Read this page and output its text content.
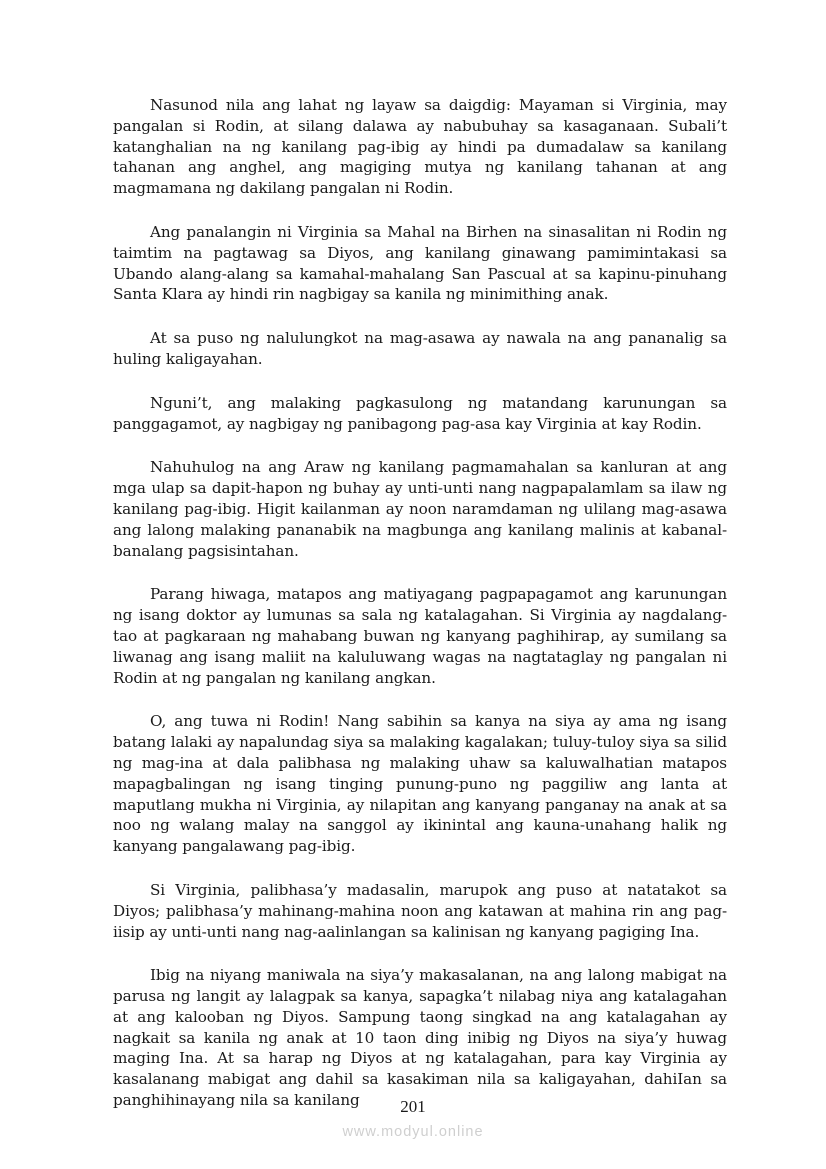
Nasunod nila ang lahat ng layaw sa daigdig: Mayaman si Virginia, may pangalan si Rodin, at silang dalawa ay nabubuhay sa kasaganaan. Subali’t katanghalian na ng kanilang pag-ibig ay hindi pa dumadalaw sa kanilang tahanan ang anghel, ang magiging mutya ng kanilang tahanan at ang magmamana ng dakilang pangalan ni Rodin.

Ang panalangin ni Virginia sa Mahal na Birhen na sinasalitan ni Rodin ng taimtim na pagtawag sa Diyos, ang kanilang ginawang pamimintakasi sa Ubando alang-alang sa kamahal-mahalang San Pascual at sa kapinu-pinuhang Santa Klara ay hindi rin nagbigay sa kanila ng minimithing anak.

At sa puso ng nalulungkot na mag-asawa ay nawala na ang pananalig sa huling kaligayahan.

Nguni’t, ang malaking pagkasulong ng matandang karunungan sa panggagamot, ay nagbigay ng panibagong pag-asa kay Virginia at kay Rodin.

Nahuhulog na ang Araw ng kanilang pagmamahalan sa kanluran at ang mga ulap sa dapit-hapon ng buhay ay unti-unti nang nagpapalamlam sa ilaw ng kanilang pag-ibig. Higit kailanman ay noon naramdaman ng ulilang mag-asawa ang lalong malaking pananabik na magbunga ang kanilang malinis at kabanal-banalang pagsisintahan.

Parang hiwaga, matapos ang matiyagang pagpapagamot ang karunungan ng isang doktor ay lumunas sa sala ng katalagahan. Si Virginia ay nagdalang-tao at pagkaraan ng mahabang buwan ng kanyang paghihirap, ay sumilang sa liwanag ang isang maliit na kaluluwang wagas na nagtataglay ng pangalan ni Rodin at ng pangalan ng kanilang angkan.

O, ang tuwa ni Rodin! Nang sabihin sa kanya na siya ay ama ng isang batang lalaki ay napalundag siya sa malaking kagalakan; tuluy-tuloy siya sa silid ng mag-ina at dala palibhasa ng malaking uhaw sa kaluwalhatian matapos mapagbalingan ng isang tinging punung-puno ng paggiliw ang lanta at maputlang mukha ni Virginia, ay nilapitan ang kanyang panganay na anak at sa noo ng walang malay na sanggol ay ikinintal ang kauna-unahang halik ng kanyang pangalawang pag-ibig.

Si Virginia, palibhasa’y madasalin, marupok ang puso at natatakot sa Diyos; palibhasa’y mahinang-mahina noon ang katawan at mahina rin ang pag-iisip ay unti-unti nang nag-aalinlangan sa kalinisan ng kanyang pagiging Ina.

Ibig na niyang maniwala na siya’y makasalanan, na ang lalong mabigat na parusa ng langit ay lalagpak sa kanya, sapagka’t nilabag niya ang katalagahan at ang kalooban ng Diyos. Sampung taong singkad na ang katalagahan ay nagkait sa kanila ng anak at 10 taon ding inibig ng Diyos na siya’y huwag maging Ina. At sa harap ng Diyos at ng katalagahan, para kay Virginia ay kasalanang mabigat ang dahil sa kasakiman nila sa kaligayahan, dahiIan sa panghihinayang nila sa kanilang	201
www.modyul.online
